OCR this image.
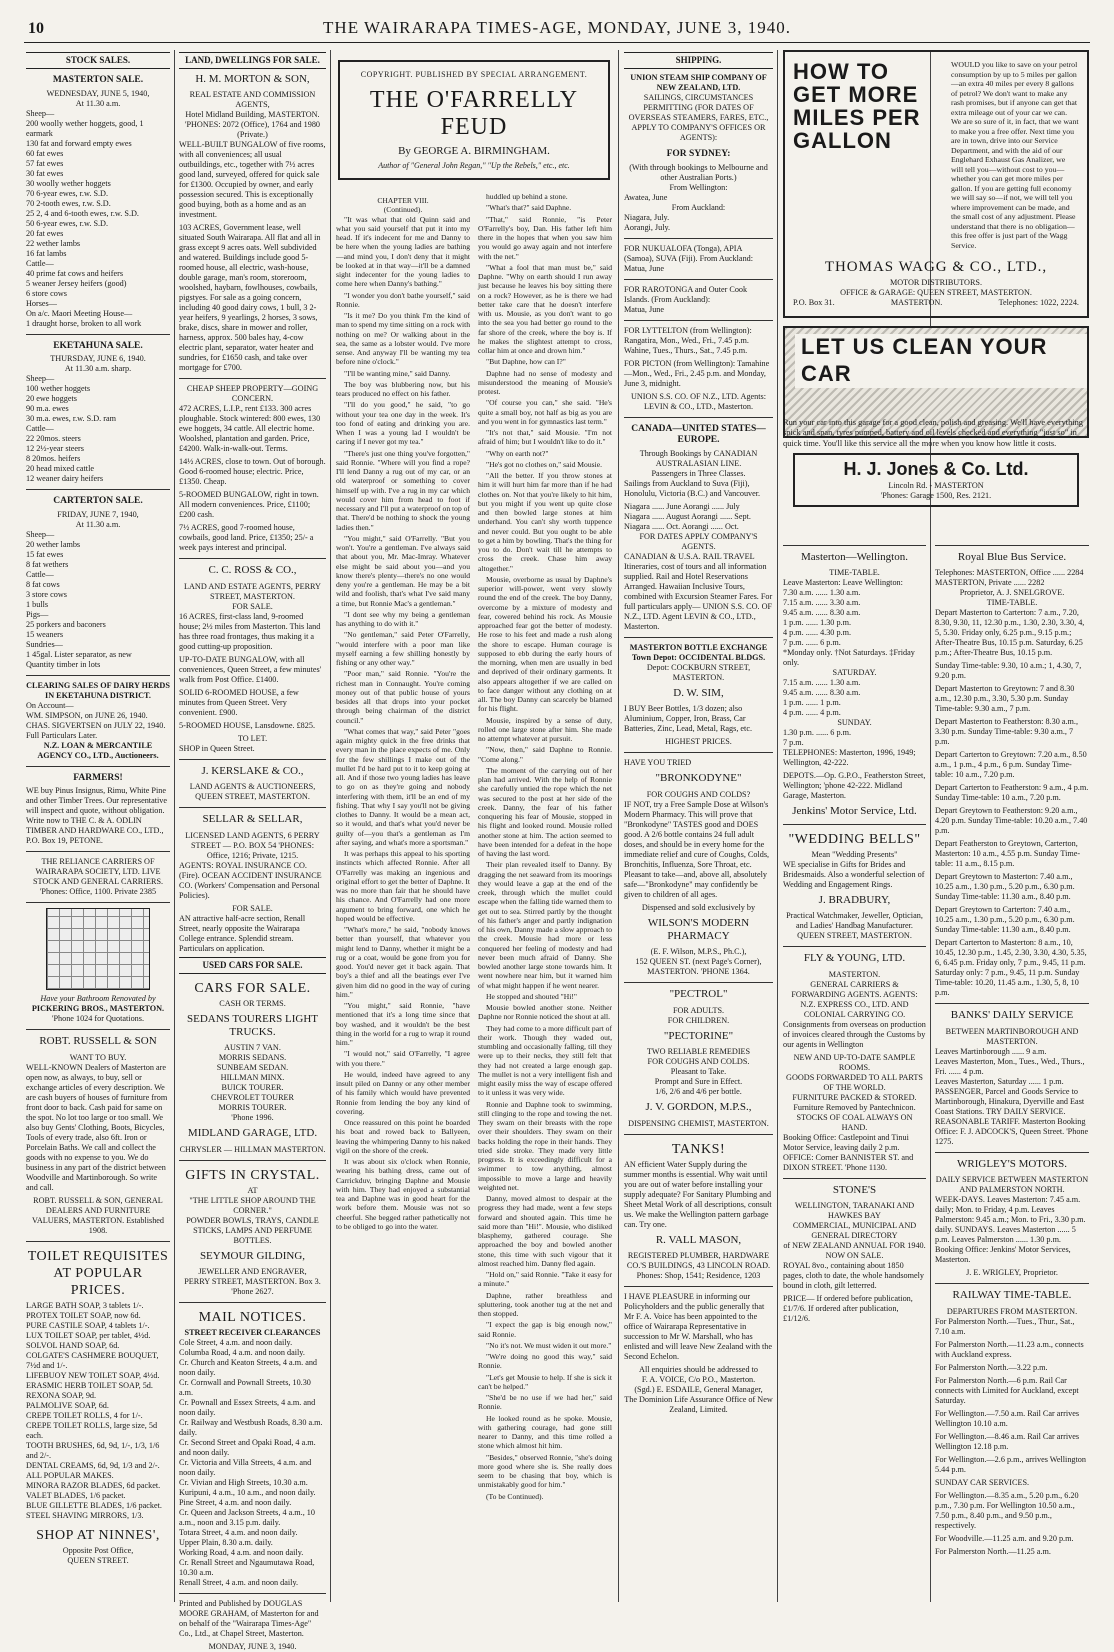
10	THE WAIRARAPA TIMES-AGE, MONDAY, JUNE 3, 1940.
STOCK SALES.
MASTERTON SALE.
WEDNESDAY, JUNE 5, 1940,
At 11.30 a.m.
Sheep—
200 woolly wether hoggets, good, 1 earmark
130 fat and forward empty ewes
60 fat ewes
57 fat ewes
30 fat ewes
30 woolly wether hoggets
70 6-year ewes, r.w. S.D.
70 2-tooth ewes, r.w. S.D.
25 2, 4 and 6-tooth ewes, r.w. S.D.
50 6-year ewes, r.w. S.D.
20 fat ewes
22 wether lambs
16 fat lambs
Cattle—
40 prime fat cows and heifers
5 weaner Jersey heifers (good)
6 store cows
Horses—
On a/c. Maori Meeting House—
1 draught horse, broken to all work
EKETAHUNA SALE.
THURSDAY, JUNE 6, 1940.
At 11.30 a.m. sharp.
Sheep—
100 wether hoggets
20 ewe hoggets
90 m.a. ewes
30 m.a. ewes, r.w. S.D. ram
Cattle—
22 20mos. steers
12 2½-year steers
8 20mos. heifers
20 head mixed cattle
12 weaner dairy heifers
CARTERTON SALE.
FRIDAY, JUNE 7, 1940,
At 11.30 a.m.
Sheep—
20 wether lambs
15 fat ewes
8 fat wethers
Cattle—
8 fat cows
3 store cows
1 bulls
Pigs—
25 porkers and baconers
15 weaners
Sundries—
1 45gal. Lister separator, as new
Quantity timber in lots
CLEARING SALES OF DAIRY HERDS IN EKETAHUNA DISTRICT.
On Account—
WM. SIMPSON, on JUNE 26, 1940.
CHAS. SIGVERTSEN on JULY 22, 1940.
Full Particulars Later.
N.Z. LOAN & MERCANTILE AGENCY CO., LTD., Auctioneers.
FARMERS!

WE buy Pinus Insignus, Rimu, White Pine and other Timber Trees. Our representative will inspect and quote, without obligation. Write now to THE C. & A. ODLIN TIMBER AND HARDWARE CO., LTD., P.O. Box 19, PETONE.

THE RELIANCE CARRIERS OF WAIRARAPA SOCIETY, LTD. LIVE STOCK AND GENERAL CARRIERS. 'Phones: Office, 1100. Private 2385

Have your Bathroom Renovated by
PICKERING BROS., MASTERTON.
'Phone 1024 for Quotations.
ROBT. RUSSELL & SON
WANT TO BUY.

WELL-KNOWN Dealers of Masterton are open now, as always, to buy, sell or exchange articles of every description. We are cash buyers of houses of furniture from front door to back. Cash paid for same on the spot. No lot too large or too small. We also buy Gents' Clothing, Boots, Bicycles, Tools of every trade, also 6ft. Iron or Porcelain Baths. We call and collect the goods with no expense to you. We do business in any part of the district between Woodville and Martinborough. So write and call.

ROBT. RUSSELL & SON, GENERAL DEALERS AND FURNITURE VALUERS, MASTERTON. Established 1908.

TOILET REQUISITES AT POPULAR PRICES.
LARGE BATH SOAP, 3 tablets 1/-.
PROTEX TOILET SOAP, now 6d.
PURE CASTILE SOAP, 4 tablets 1/-.
LUX TOILET SOAP, per tablet, 4½d.
SOLVOL HAND SOAP, 6d.
COLGATE'S CASHMERE BOUQUET, 7½d and 1/-.
LIFEBUOY NEW TOILET SOAP, 4½d.
ERASMIC HERB TOILET SOAP, 5d.
REXONA SOAP, 9d.
PALMOLIVE SOAP, 6d.
CREPE TOILET ROLLS, 4 for 1/-.
CREPE TOILET ROLLS, large size, 5d each.
TOOTH BRUSHES, 6d, 9d, 1/-, 1/3, 1/6 and 2/-.
DENTAL CREAMS, 6d, 9d, 1/3 and 2/-.
ALL POPULAR MAKES.
MINORA RAZOR BLADES, 6d packet.
VALET BLADES, 1/6 packet.
BLUE GILLETTE BLADES, 1/6 packet.
STEEL SHAVING MIRRORS, 1/3.
SHOP AT NINNES',
Opposite Post Office,
QUEEN STREET.
LAND, DWELLINGS FOR SALE.
H. M. MORTON & SON,
REAL ESTATE AND COMMISSION AGENTS,
Hotel Midland Building, MASTERTON.
'PHONES: 2072 (Office), 1764 and 1980 (Private.)

WELL-BUILT BUNGALOW of five rooms, with all conveniences; all usual outbuildings, etc., together with 7½ acres good land, surveyed, offered for quick sale for £1300. Occupied by owner, and early possession secured. This is exceptionally good buying, both as a home and as an investment.

103 ACRES, Government lease, well situated South Wairarapa. All flat and all in grass except 9 acres oats. Well subdivided and watered. Buildings include good 5-roomed house, all electric, wash-house, double garage, man's room, storeroom, woolshed, haybarn, fowlhouses, cowbails, pigstyes. For sale as a going concern, including 40 good dairy cows, 1 bull, 3 2-year heifers, 9 yearlings, 2 horses, 3 sows, brake, discs, share in mower and roller, harness, approx. 500 bales hay, 4-cow electric plant, separator, water heater and sundries, for £1650 cash, and take over mortgage for £700.

CHEAP SHEEP PROPERTY—GOING CONCERN.

472 ACRES, L.I.P., rent £133. 300 acres ploughable. Stock wintered: 800 ewes, 130 ewe hoggets, 34 cattle. All electric home. Woolshed, plantation and garden. Price, £4200. Walk-in-walk-out. Terms.

14½ ACRES, close to town. Out of borough. Good 6-roomed house; electric. Price, £1350. Cheap.

5-ROOMED BUNGALOW, right in town. All modern conveniences. Price, £1100; £200 cash.

7½ ACRES, good 7-roomed house, cowbails, good land. Price, £1350; 25/- a week pays interest and principal.

C. C. ROSS & CO.,
LAND AND ESTATE AGENTS, PERRY STREET, MASTERTON.
FOR SALE.

16 ACRES, first-class land, 9-roomed house; 2½ miles from Masterton. This land has three road frontages, thus making it a good cutting-up proposition.

UP-TO-DATE BUNGALOW, with all conveniences, Queen Street, a few minutes' walk from Post Office. £1400.

SOLID 6-ROOMED HOUSE, a few minutes from Queen Street. Very convenient. £900.

5-ROOMED HOUSE, Lansdowne. £825.

TO LET.
SHOP in Queen Street.
J. KERSLAKE & CO.,
LAND AGENTS & AUCTIONEERS, QUEEN STREET, MASTERTON.
SELLAR & SELLAR,
LICENSED LAND AGENTS, 6 PERRY STREET — P.O. BOX 54 'PHONES: Office, 1216; Private, 1215.

AGENTS: ROYAL INSURANCE CO. (Fire). OCEAN ACCIDENT INSURANCE CO. (Workers' Compensation and Personal Policies).

FOR SALE.

AN attractive half-acre section, Renall Street, nearly opposite the Wairarapa College entrance. Splendid stream. Particulars on application.

USED CARS FOR SALE.
CARS FOR SALE.
CASH OR TERMS.
SEDANS TOURERS LIGHT TRUCKS.
AUSTIN 7 VAN.
MORRIS SEDANS.
SUNBEAM SEDAN.
HILLMAN MINX.
BUICK TOURER.
CHEVROLET TOURER
MORRIS TOURER.
'Phone 1996.
MIDLAND GARAGE, LTD.
CHRYSLER — HILLMAN MASTERTON.
GIFTS IN CRYSTAL.
AT
"THE LITTLE SHOP AROUND THE CORNER."
POWDER BOWLS, TRAYS, CANDLE STICKS, LAMPS AND PERFUME BOTTLES.
SEYMOUR GILDING,
JEWELLER AND ENGRAVER,
PERRY STREET, MASTERTON. Box 3. 'Phone 2627.
MAIL NOTICES.
STREET RECEIVER CLEARANCES
Cole Street, 4 a.m. and noon daily.
Columba Road, 4 a.m. and noon daily.
Cr. Church and Keaton Streets, 4 a.m. and noon daily.
Cr. Cornwall and Pownall Streets, 10.30 a.m.
Cr. Pownall and Essex Streets, 4 a.m. and noon daily.
Cr. Railway and Westbush Roads, 8.30 a.m. daily.
Cr. Second Street and Opaki Road, 4 a.m. and noon daily.
Cr. Victoria and Villa Streets, 4 a.m. and noon daily.
Cr. Vivian and High Streets, 10.30 a.m.
Kuripuni, 4 a.m., 10 a.m., and noon daily.
Pine Street, 4 a.m. and noon daily.
Cr. Queen and Jackson Streets, 4 a.m., 10 a.m., noon and 3.15 p.m. daily.
Totara Street, 4 a.m. and noon daily.
Upper Plain, 8.30 a.m. daily.
Working Road, 4 a.m. and noon daily.
Cr. Renall Street and Ngaumutawa Road, 10.30 a.m.
Renall Street, 4 a.m. and noon daily.

Printed and Published by DOUGLAS MOORE GRAHAM, of Masterton for and on behalf of the "Wairarapa Times-Age" Co., Ltd., at Chapel Street, Masterton.

MONDAY, JUNE 3, 1940.
COPYRIGHT. PUBLISHED BY SPECIAL ARRANGEMENT.
THE O'FARRELLY FEUD
By GEORGE A. BIRMINGHAM.
Author of "General John Regan," "Up the Rebels," etc., etc.
CHAPTER VIII.
(Continued).

"It was what that old Quinn said and what you said yourself that put it into my head. If it's indecent for me and Danny to be here when the young ladies are bathing—and mind you, I don't deny that it might be looked at in that way—it'll be a damned sight indecenter for the young ladies to come here when Danny's bathing."

"I wonder you don't bathe yourself," said Ronnie.

"Is it me? Do you think I'm the kind of man to spend my time sitting on a rock with nothing on me? Or walking about in the sea, the same as a lobster would. I've more sense. And anyway I'll be wanting my tea before nine o'clock."

"I'll be wanting mine," said Danny.

The boy was blubbering now, but his tears produced no effect on his father.

"I'll do you good," he said, "to go without your tea one day in the week. It's too fond of eating and drinking you are. When I was a young lad I wouldn't be caring if I never got my tea."

"There's just one thing you've forgotten," said Ronnie. "Where will you find a rope? I'll lend Danny a rug out of my car, or an old waterproof or something to cover himself up with. I've a rug in my car which would cover him from head to foot if necessary and I'll put a waterproof on top of that. There'd be nothing to shock the young ladies then."

"You might," said O'Farrelly. "But you won't. You're a gentleman. I've always said that about you, Mr. Mac-Imray. Whatever else might be said about you—and you know there's plenty—there's no one would deny you're a gentleman. He may be a bit wild and foolish, that's what I've said many a time, but Ronnie Mac's a gentleman."

"I dont see why my being a gentleman has anything to do with it."

"No gentleman," said Peter O'Farrelly, "would interfere with a poor man like myself earning a few shilling honestly by fishing or any other way."

"Poor man," said Ronnie. "You're the richest man in Connaught. You're coming money out of that public house of yours besides all that drops into your pocket through being chairman of the district council."

"What comes that way," said Peter "goes again mighty quick in the free drinks that every man in the place expects of me. Only for the few shillings I make out of the mullet I'd be hard put to it to keep going at all. And if those two young ladies has leave to go on as they're going and nobody interfering with them, it'll be an end of my fishing. That why I say you'll not be giving clothes to Danny. It would be a mean act, so it would, and that's what you'd never be guilty of—you that's a gentleman as I'm after saying, and what's more a sportsman."

It was perhaps this appeal to his sporting instincts which affected Ronnie. After all O'Farrelly was making an ingenious and original effort to get the better of Daphne. It was no more than fair that he should have his chance. And O'Farrelly had one more argument to bring forward, one which he hoped would be effective.

"What's more," he said, "nobody knows better than yourself, that whatever you might lend to Danny, whether it might be a rug or a coat, would be gone from you for good. You'd never get it back again. That boy's a thief and all the beatings ever I've given him did no good in the way of curing him."

"You might," said Ronnie, "have mentioned that it's a long time since that boy washed, and it wouldn't be the best thing in the world for a rug to wrap it round him."

"I would not," said O'Farrelly, "I agree with you there."

He would, indeed have agreed to any insult piled on Danny or any other member of his family which would have prevented Ronnie from lending the boy any kind of covering.

Once reassured on this point he boarded his boat and rowed back to Ballyeen, leaving the whimpering Danny to his naked vigil on the shore of the creek.

It was about six o'clock when Ronnie, wearing his bathing dress, came out of Carrickduv, bringing Daphne and Mousie with him. They had enjoyed a substantial tea and Daphne was in good heart for the work before them. Mousie was not so cheerful. She begged rather pathetically not to be obliged to go into the water.

huddled up behind a stone.

"What's that?" said Daphne.

"That," said Ronnie, "is Peter O'Farrelly's boy, Dan. His father left him there in the hopes that when you saw him you would go away again and not interfere with the net."

"What a fool that man must be," said Daphne. "Why on earth should I run away just because he leaves his boy sitting there on a rock? However, as he is there we had better take care that he doesn't interfere with us. Mousie, as you don't want to go into the sea you had better go round to the far shore of the creek, where the boy is. If he makes the slightest attempt to cross, collar him at once and drown him."

"But Daphne, how can I?"

Daphne had no sense of modesty and misunderstood the meaning of Mousie's protest.

"Of course you can," she said. "He's quite a small boy, not half as big as you are and you went in for gymnastics last term."

"It's not that," said Mousie. "I'm not afraid of him; but I wouldn't like to do it."

"Why on earth not?"

"He's got no clothes on," said Mousie.

"All the better. If you throw stones at him it will hurt him far more than if he had clothes on. Not that you're likely to hit him, but you might if you went up quite close and then bowled large stones at him underhand. You can't shy worth tuppence and never could. But you ought to be able to get a him by bowling. That's the thing for you to do. Don't wait till he attempts to cross the creek. Chase him away altogether."

Mousie, overborne as usual by Daphne's superior will-power, went very slowly round the end of the creek. The boy Danny, overcome by a mixture of modesty and fear, cowered behind his rock. As Mousie approached fear got the better of modesty. He rose to his feet and made a rush along the shore to escape. Human courage is supposed to ebb during the early hours of the morning, when men are usually in bed and deprived of their ordinary garments. It also appears altogether if we are called on to face danger without any clothing on at all. The boy Danny can scarcely be blamed for his flight.

Mousie, inspired by a sense of duty, rolled one large stone after him. She made no attempt whatever at pursuit.

"Now, then," said Daphne to Ronnie. "Come along."

The moment of the carrying out of her plan had arrived. With the help of Ronnie she carefully untied the rope which the net was secured to the post at her side of the creek. Danny, the fear of his father conquering his fear of Mousie, stopped in his flight and looked round. Mousie rolled another stone at him. The action seemed to have been intended for a defeat in the hope of having the last word.

Their plan revealed itself to Danny. By dragging the net seaward from its moorings they would leave a gap at the end of the creek, through which the mullet could escape when the falling tide warned them to get out to sea. Stirred partly by the thought of his father's anger and partly indignation of his own, Danny made a slow approach to the creek. Mousie had more or less conquered her feeling of modesty and had never been much afraid of Danny. She bowled another large stone towards him. It went nowhere near him, but it warned him of what might happen if he went nearer.

He stopped and shouted "Hi!"

Mousie bowled another stone. Neither Daphne nor Ronnie noticed the shout at all.

They had come to a more difficult part of their work. Though they waded out, stumbling and occasionally falling, till they were up to their necks, they still felt that they had not created a large enough gap. The mullet is not a very intelligent fish and might easily miss the way of escape offered to it unless it was very wide.

Ronnie and Daphne took to swimming, still clinging to the rope and towing the net. They swam on their breasts with the rope over their shoulders. They swam on their backs holding the rope in their hands. They tried side stroke. They made very little progress. It is exceedingly difficult for a swimmer to tow anything, almost impossible to move a large and heavily weighted net.

Danny, moved almost to despair at the progress they had made, went a few steps forward and shouted again. This time he said more than "Hi!". Mousie, who disliked blasphemy, gathered courage. She approached the boy and bowled another stone, this time with such vigour that it almost reached him. Danny fled again.

"Hold on," said Ronnie. "Take it easy for a minute."

Daphne, rather breathless and spluttering, took another tug at the net and then stopped.

"I expect the gap is big enough now," said Ronnie.

"No it's not. We must widen it out more."

"We're doing no good this way," said Ronnie.

"Let's get Mousie to help. If she is sick it can't be helped."

"She'd be no use if we had her," said Ronnie.

He looked round as he spoke. Mousie, with gathering courage, had gone still nearer to Danny, and this time rolled a stone which almost hit him.

"Besides," observed Ronnie, "she's doing more good where she is. She really does seem to be chasing that boy, which is unmistakably good for him."

(To be Continued).

SHIPPING.
UNION STEAM SHIP COMPANY OF NEW ZEALAND, LTD.

SAILINGS, CIRCUMSTANCES PERMITTING (FOR DATES OF OVERSEAS STEAMERS, FARES, ETC., APPLY TO COMPANY'S OFFICES OR AGENTS):

FOR SYDNEY:
(With through bookings to Melbourne and other Australian Ports.)
From Wellington:
Awatea, June
From Auckland:
Niagara, July.
Aorangi, July.
FOR NUKUALOFA (Tonga), APIA (Samoa), SUVA (Fiji). From Auckland:
Matua, June
FOR RAROTONGA and Outer Cook Islands. (From Auckland):
Matua, June

FOR LYTTELTON (from Wellington): Rangatira, Mon., Wed., Fri., 7.45 p.m. Wahine, Tues., Thurs., Sat., 7.45 p.m.

FOR PICTON (from Wellington): Tamahine—Mon., Wed., Fri., 2.45 p.m. and Monday, June 3, midnight.

UNION S.S. CO. OF N.Z., LTD. Agents: LEVIN & CO., LTD., Masterton.

CANADA—UNITED STATES—EUROPE.
Through Bookings by CANADIAN AUSTRALASIAN LINE.
Passengers in Three Classes.

Sailings from Auckland to Suva (Fiji), Honolulu, Victoria (B.C.) and Vancouver.

Niagara ...... June Aorangi ...... July
Niagara ...... August Aorangi ...... Sept.
Niagara ...... Oct. Aorangi ...... Oct.
FOR DATES APPLY COMPANY'S AGENTS.

CANADIAN & U.S.A. RAIL TRAVEL Itineraries, cost of tours and all information supplied. Rail and Hotel Reservations Arranged. Hawaiian Inclusive Tours, combined with Excursion Steamer Fares. For full particulars apply— UNION S.S. CO. OF N.Z., LTD. Agent LEVIN & CO., LTD., Masterton.

MASTERTON BOTTLE EXCHANGE Town Depot: OCCIDENTAL BLDGS.
Depot: COCKBURN STREET, MASTERTON.
D. W. SIM,

I BUY Beer Bottles, 1/3 dozen; also Aluminium, Copper, Iron, Brass, Car Batteries, Zinc, Lead, Metal, Rags, etc.

HIGHEST PRICES.
HAVE YOU TRIED
"BRONKODYNE"
FOR COUGHS AND COLDS?

IF NOT, try a Free Sample Dose at Wilson's Modern Pharmacy. This will prove that "Bronkodyne" TASTES good and DOES good. A 2/6 bottle contains 24 full adult doses, and should be in every home for the immediate relief and cure of Coughs, Colds, Bronchitis, Influenza, Sore Throat, etc. Pleasant to take—and, above all, absolutely safe—"Bronkodyne" may confidently be given to children of all ages.

Dispensed and sold exclusively by
WILSON'S MODERN PHARMACY
(E. F. Wilson, M.P.S., Ph.C.),
152 QUEEN ST. (next Page's Corner), MASTERTON. 'PHONE 1364.
"PECTROL"
FOR ADULTS.
FOR CHILDREN.
"PECTORINE"
TWO RELIABLE REMEDIES
FOR COUGHS AND COLDS.
Pleasant to Take.
Prompt and Sure in Effect.
1/6, 2/6 and 4/6 per bottle.
J. V. GORDON, M.P.S.,
DISPENSING CHEMIST, MASTERTON.
TANKS!

AN efficient Water Supply during the summer months is essential. Why wait until you are out of water before installing your supply adequate? For Sanitary Plumbing and Sheet Metal Work of all descriptions, consult us. We make the Wellington pattern garbage can. Try one.

R. VALL MASON,
REGISTERED PLUMBER, HARDWARE CO.'S BUILDINGS, 43 LINCOLN ROAD.
Phones: Shop, 1541; Residence, 1203

I HAVE PLEASURE in informing our Policyholders and the public generally that Mr F. A. Voice has been appointed to the office of Wairarapa Representative in succession to Mr W. Marshall, who has enlisted and will leave New Zealand with the Second Echelon.

All enquiries should be addressed to
F. A. VOICE, C/o P.O., Masterton.
(Sgd.) E. ESDAILE, General Manager,
The Dominion Life Assurance Office of New Zealand, Limited.
HOW TO GET MORE MILES PER GALLON
WOULD you like to save on your petrol consumption by up to 5 miles per gallon—an extra 40 miles per every 8 gallons of petrol? We don't want to make any rash promises, but if anyone can get that extra mileage out of your car we can. We are so sure of it, in fact, that we want to make you a free offer. Next time you are in town, drive into our Service Department, and with the aid of our Englehard Exhaust Gas Analizer, we will tell you—without cost to you—whether you can get more miles per gallon. If you are getting full economy we will say so—if not, we will tell you where improvement can be made, and the small cost of any adjustment. Please understand that there is no obligation—this free offer is just part of the Wagg Service.
THOMAS WAGG & CO., LTD.,
MOTOR DISTRIBUTORS.
OFFICE & GARAGE: QUEEN STREET, MASTERTON.
P.O. Box 31.	MASTERTON.	Telephones: 1022, 2224.
LET US CLEAN YOUR CAR

Run your car into this garage for a good clean, polish and greasing. We'll have everything spick and span, tyres pumped, battery and oil levels checked and everything "just so" in quick time. You'll like this service all the more when you know how little it costs.

H. J. Jones & Co. Ltd.
Lincoln Rd. - MASTERTON
'Phones: Garage 1500, Res. 2121.
Masterton—Wellington.
TIME-TABLE.
Leave Masterton: Leave Wellington:
7.30 a.m. ...... 1.30 a.m.
7.15 a.m. ...... 3.30 a.m.
9.45 a.m. ...... 8.30 a.m.
1 p.m. ...... 1.30 p.m.
4 p.m. ...... 4.30 p.m.
7 p.m. ...... 6 p.m.
*Monday only. †Not Saturdays. ‡Friday only.
SATURDAY.
7.15 a.m. ...... 1.30 a.m.
9.45 a.m. ...... 8.30 a.m.
1 p.m. ...... 1 p.m.
4 p.m. ...... 4 p.m.
SUNDAY.
1.30 p.m. ...... 6 p.m.
7 p.m.

TELEPHONES: Masterton, 1996, 1949; Wellington, 42-222.

DEPOTS.—Op. G.P.O., Featherston Street, Wellington; 'phone 42-222. Midland Garage, Masterton.

Jenkins' Motor Service, Ltd.
"WEDDING BELLS"
Mean "Wedding Presents"

WE specialise in Gifts for Brides and Bridesmaids. Also a wonderful selection of Wedding and Engagement Rings.

J. BRADBURY,
Practical Watchmaker, Jeweller, Optician, and Ladies' Handbag Manufacturer.
QUEEN STREET, MASTERTON.
FLY & YOUNG, LTD.
MASTERTON.
GENERAL CARRIERS & FORWARDING AGENTS. AGENTS: N.Z. EXPRESS CO., LTD. AND COLONIAL CARRYING CO.

Consignments from overseas on production of invoices cleared through the Customs by our agents in Wellington

NEW AND UP-TO-DATE SAMPLE ROOMS.
GOODS FORWARDED TO ALL PARTS OF THE WORLD.
FURNITURE PACKED & STORED. Furniture Removed by Pantechnicon. STOCKS OF COAL ALWAYS ON HAND.

Booking Office: Castlepoint and Tinui Motor Service, leaving daily 2 p.m. OFFICE: Corner BANNISTER ST. and DIXON STREET. 'Phone 1130.

STONE'S
WELLINGTON, TARANAKI AND HAWKES BAY
COMMERCIAL, MUNICIPAL AND GENERAL DIRECTORY
of NEW ZEALAND ANNUAL FOR 1940.
NOW ON SALE.

ROYAL 8vo., containing about 1850 pages, cloth to date, the whole handsomely bound in cloth, gilt letterred.

PRICE— If ordered before publication, £1/7/6. If ordered after publication, £1/12/6.

Royal Blue Bus Service.
Telephones: MASTERTON, Office ...... 2284 MASTERTON, Private ...... 2282
Proprietor, A. J. SNELGROVE.
TIME-TABLE.

Depart Masterton to Carterton: 7 a.m., 7.20, 8.30, 9.30, 11, 12.30 p.m., 1.30, 2.30, 3.30, 4, 5, 5.30. Friday only, 6.25 p.m., 9.15 p.m.; After-Theatre Bus, 10.15 p.m. Saturday, 6.25 p.m.; After-Theatre Bus, 10.15 p.m.

Sunday Time-table: 9.30, 10 a.m.; 1, 4.30, 7, 9.20 p.m.

Depart Masterton to Greytown: 7 and 8.30 a.m., 12.30 p.m., 3.30, 5.30 p.m. Sunday Time-table: 9.30 a.m., 7 p.m.

Depart Masterton to Featherston: 8.30 a.m., 3.30 p.m. Sunday Time-table: 9.30 a.m., 7 p.m.

Depart Carterton to Greytown: 7.20 a.m., 8.50 a.m., 1 p.m., 4 p.m., 6 p.m. Sunday Time-table: 10 a.m., 7.20 p.m.

Depart Carterton to Featherston: 9 a.m., 4 p.m. Sunday Time-table: 10 a.m., 7.20 p.m.

Depart Greytown to Featherston: 9.20 a.m., 4.20 p.m. Sunday Time-table: 10.20 a.m., 7.40 p.m.

Depart Featherston to Greytown, Carterton, Masterton: 10 a.m., 4.55 p.m. Sunday Time-table: 11 a.m., 8.15 p.m.

Depart Greytown to Masterton: 7.40 a.m., 10.25 a.m., 1.30 p.m., 5.20 p.m., 6.30 p.m. Sunday Time-table: 11.30 a.m., 8.40 p.m.

Depart Greytown to Carterton: 7.40 a.m., 10.25 a.m., 1.30 p.m., 5.20 p.m., 6.30 p.m. Sunday Time-table: 11.30 a.m., 8.40 p.m.

Depart Carterton to Masterton: 8 a.m., 10, 10.45, 12.30 p.m., 1.45, 2.30, 3.30, 4.30, 5.35, 6, 6.45 p.m. Friday only, 7 p.m., 9.45, 11 p.m. Saturday only: 7 p.m., 9.45, 11 p.m. Sunday Time-table: 10.20, 11.45 a.m., 1.30, 5, 8, 10 p.m.

BANKS' DAILY SERVICE
BETWEEN MARTINBOROUGH AND MASTERTON.
Leaves Martinborough ...... 9 a.m.
Leaves Masterton, Mon., Tues., Wed., Thurs., Fri. ...... 4 p.m.
Leaves Masterton, Saturday ...... 1 p.m.

PASSENGER, Parcel and Goods Service to Martinborough, Hinakura, Dyerville and East Coast Stations. TRY DAILY SERVICE. REASONABLE TARIFF. Masterton Booking Office: F. J. ADCOCK'S, Queen Street. 'Phone 1275.

WRIGLEY'S MOTORS.
DAILY SERVICE BETWEEN MASTERTON AND PALMERSTON NORTH.

WEEK-DAYS. Leaves Masterton: 7.45 a.m. daily; Mon. to Friday, 4 p.m. Leaves Palmerston: 9.45 a.m.; Mon. to Fri., 3.30 p.m. daily. SUNDAYS. Leaves Masterton ...... 5 p.m. Leaves Palmerston ...... 1.30 p.m. Booking Office: Jenkins' Motor Services, Masterton.

J. E. WRIGLEY, Proprietor.
RAILWAY TIME-TABLE.
DEPARTURES FROM MASTERTON.

For Palmerston North.—Tues., Thur., Sat., 7.10 a.m.

For Palmerston North.—11.23 a.m., connects with Auckland express.

For Palmerston North.—3.22 p.m.

For Palmerston North.—6 p.m. Rail Car connects with Limited for Auckland, except Saturday.

For Wellington.—7.50 a.m. Rail Car arrives Wellington 10.10 a.m.

For Wellington.—8.46 a.m. Rail Car arrives Wellington 12.18 p.m.

For Wellington.—2.6 p.m., arrives Wellington 5.44 p.m.

SUNDAY CAR SERVICES.

For Wellington.—8.35 a.m., 5.20 p.m., 6.20 p.m., 7.30 p.m. For Wellington 10.50 a.m., 7.50 p.m., 8.40 p.m., and 9.50 p.m., respectively.

For Woodville.—11.25 a.m. and 9.20 p.m.

For Palmerston North.—11.25 a.m.
